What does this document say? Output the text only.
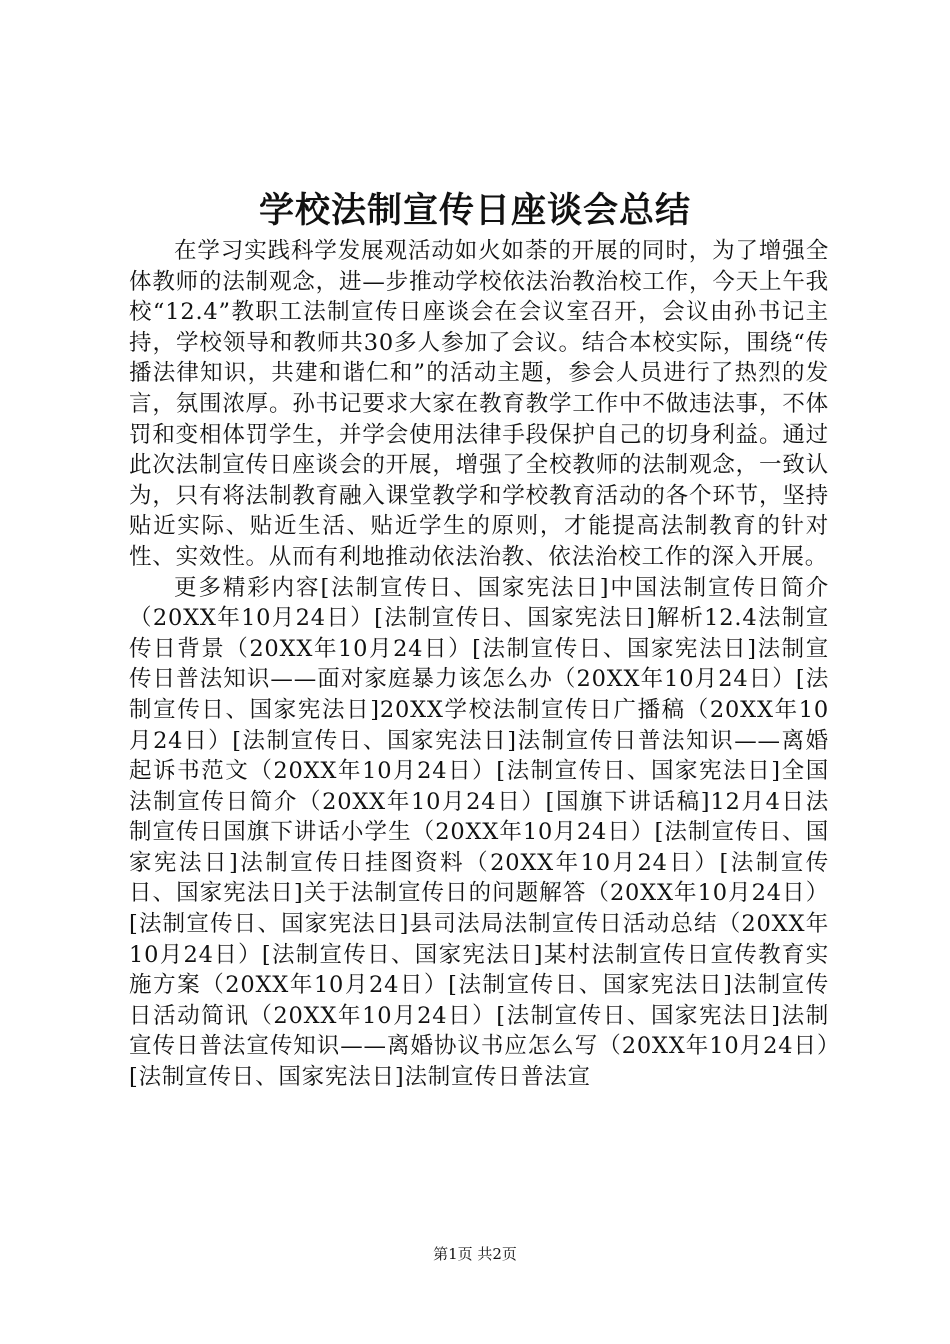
学校法制宣传日座谈会总结

在学习实践科学发展观活动如火如荼的开展的同时，为了增强全体教师的法制观念，进—步推动学校依法治教治校工作，今天上午我校“12.4”教职工法制宣传日座谈会在会议室召开，会议由孙书记主持，学校领导和教师共30多人参加了会议。结合本校实际，围绕“传播法律知识，共建和谐仁和”的活动主题，参会人员进行了热烈的发言，氛围浓厚。孙书记要求大家在教育教学工作中不做违法事，不体罚和变相体罚学生，并学会使用法律手段保护自己的切身利益。通过此次法制宣传日座谈会的开展，增强了全校教师的法制观念，一致认为，只有将法制教育融入课堂教学和学校教育活动的各个环节，坚持贴近实际、贴近生活、贴近学生的原则，才能提高法制教育的针对性、实效性。从而有利地推动依法治教、依法治校工作的深入开展。

更多精彩内容[法制宣传日、国家宪法日]中国法制宣传日简介（20XX年10月24日）[法制宣传日、国家宪法日]解析12.4法制宣传日背景（20XX年10月24日）[法制宣传日、国家宪法日]法制宣传日普法知识——面对家庭暴力该怎么办（20XX年10月24日）[法制宣传日、国家宪法日]20XX学校法制宣传日广播稿（20XX年10月24日）[法制宣传日、国家宪法日]法制宣传日普法知识——离婚起诉书范文（20XX年10月24日）[法制宣传日、国家宪法日]全国法制宣传日简介（20XX年10月24日）[国旗下讲话稿]12月4日法制宣传日国旗下讲话小学生（20XX年10月24日）[法制宣传日、国家宪法日]法制宣传日挂图资料（20XX年10月24日）[法制宣传日、国家宪法日]关于法制宣传日的问题解答（20XX年10月24日）[法制宣传日、国家宪法日]县司法局法制宣传日活动总结（20XX年10月24日）[法制宣传日、国家宪法日]某村法制宣传日宣传教育实施方案（20XX年10月24日）[法制宣传日、国家宪法日]法制宣传日活动简讯（20XX年10月24日）[法制宣传日、国家宪法日]法制宣传日普法宣传知识——离婚协议书应怎么写（20XX年10月24日）[法制宣传日、国家宪法日]法制宣传日普法宣

第1页 共2页
